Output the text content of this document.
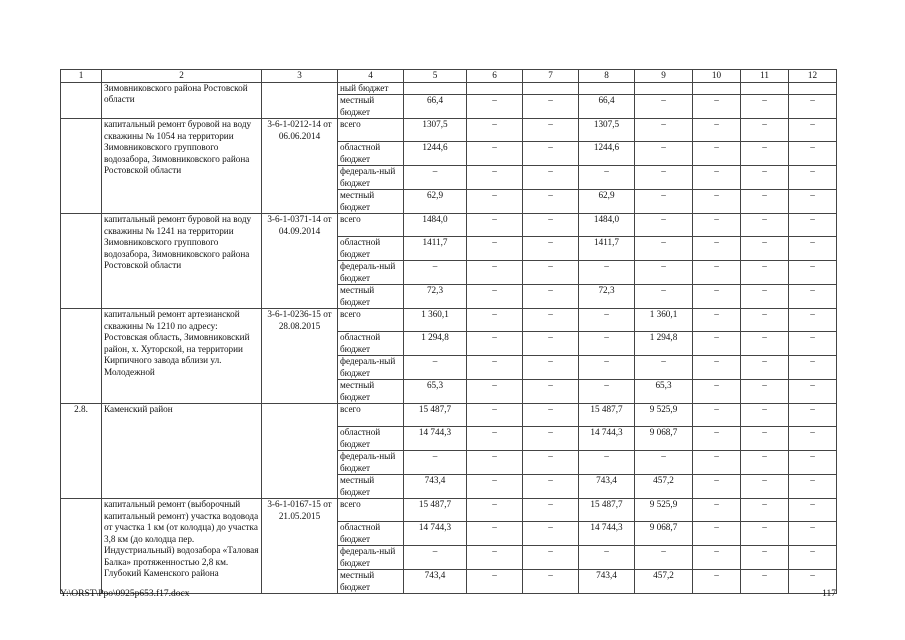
1	2	3	4	5	6	7	8	9	10	11	12
	Зимовниковского района Ростовской области		ный бюджет								
			местный бюджет	66,4	–	–	66,4	–	–	–	–
	капитальный ремонт буровой на воду скважины № 1054 на территории Зимовниковского группового водозабора, Зимовниковского района Ростовской области	3-6-1-0212-14 от 06.06.2014	всего	1307,5	–	–	1307,5	–	–	–	–
			областной бюджет	1244,6	–	–	1244,6	–	–	–	–
			федераль-ный бюджет	–	–	–	–	–	–	–	–
			местный бюджет	62,9	–	–	62,9	–	–	–	–
	капитальный ремонт буровой на воду скважины № 1241 на территории Зимовниковского группового водозабора, Зимовниковского района Ростовской области	3-6-1-0371-14 от 04.09.2014	всего	1484,0	–	–	1484,0	–	–	–	–
			областной бюджет	1411,7	–	–	1411,7	–	–	–	–
			федераль-ный бюджет	–	–	–	–	–	–	–	–
			местный бюджет	72,3	–	–	72,3	–	–	–	–
	капитальный ремонт артезианской скважины № 1210 по адресу: Ростовская область, Зимовниковский район, х. Хуторской, на территории Кирпичного завода вблизи ул. Молодежной	3-6-1-0236-15 от 28.08.2015	всего	1 360,1	–	–	–	1 360,1	–	–	–
			областной бюджет	1 294,8	–	–	–	1 294,8	–	–	–
			федераль-ный бюджет	–	–	–	–	–	–	–	–
			местный бюджет	65,3	–	–	–	65,3	–	–	–
2.8.	Каменский район		всего	15 487,7	–	–	15 487,7	9 525,9	–	–	–
			областной бюджет	14 744,3	–	–	14 744,3	9 068,7	–	–	–
			федераль-ный бюджет	–	–	–	–	–	–	–	–
			местный бюджет	743,4	–	–	743,4	457,2	–	–	–
	капитальный ремонт (выборочный капитальный ремонт) участка водовода от участка 1 км (от колодца) до участка 3,8 км (до колодца пер. Индустриальный) водозабора «Таловая Балка» протяженностью 2,8 км. Глубокий Каменского района	3-6-1-0167-15 от 21.05.2015	всего	15 487,7	–	–	15 487,7	9 525,9	–	–	–
			областной бюджет	14 744,3	–	–	14 744,3	9 068,7	–	–	–
			федераль-ный бюджет	–	–	–	–	–	–	–	–
			местный бюджет	743,4	–	–	743,4	457,2	–	–	–
Y:\ORST\Ppo\0925p653.f17.docx	117
